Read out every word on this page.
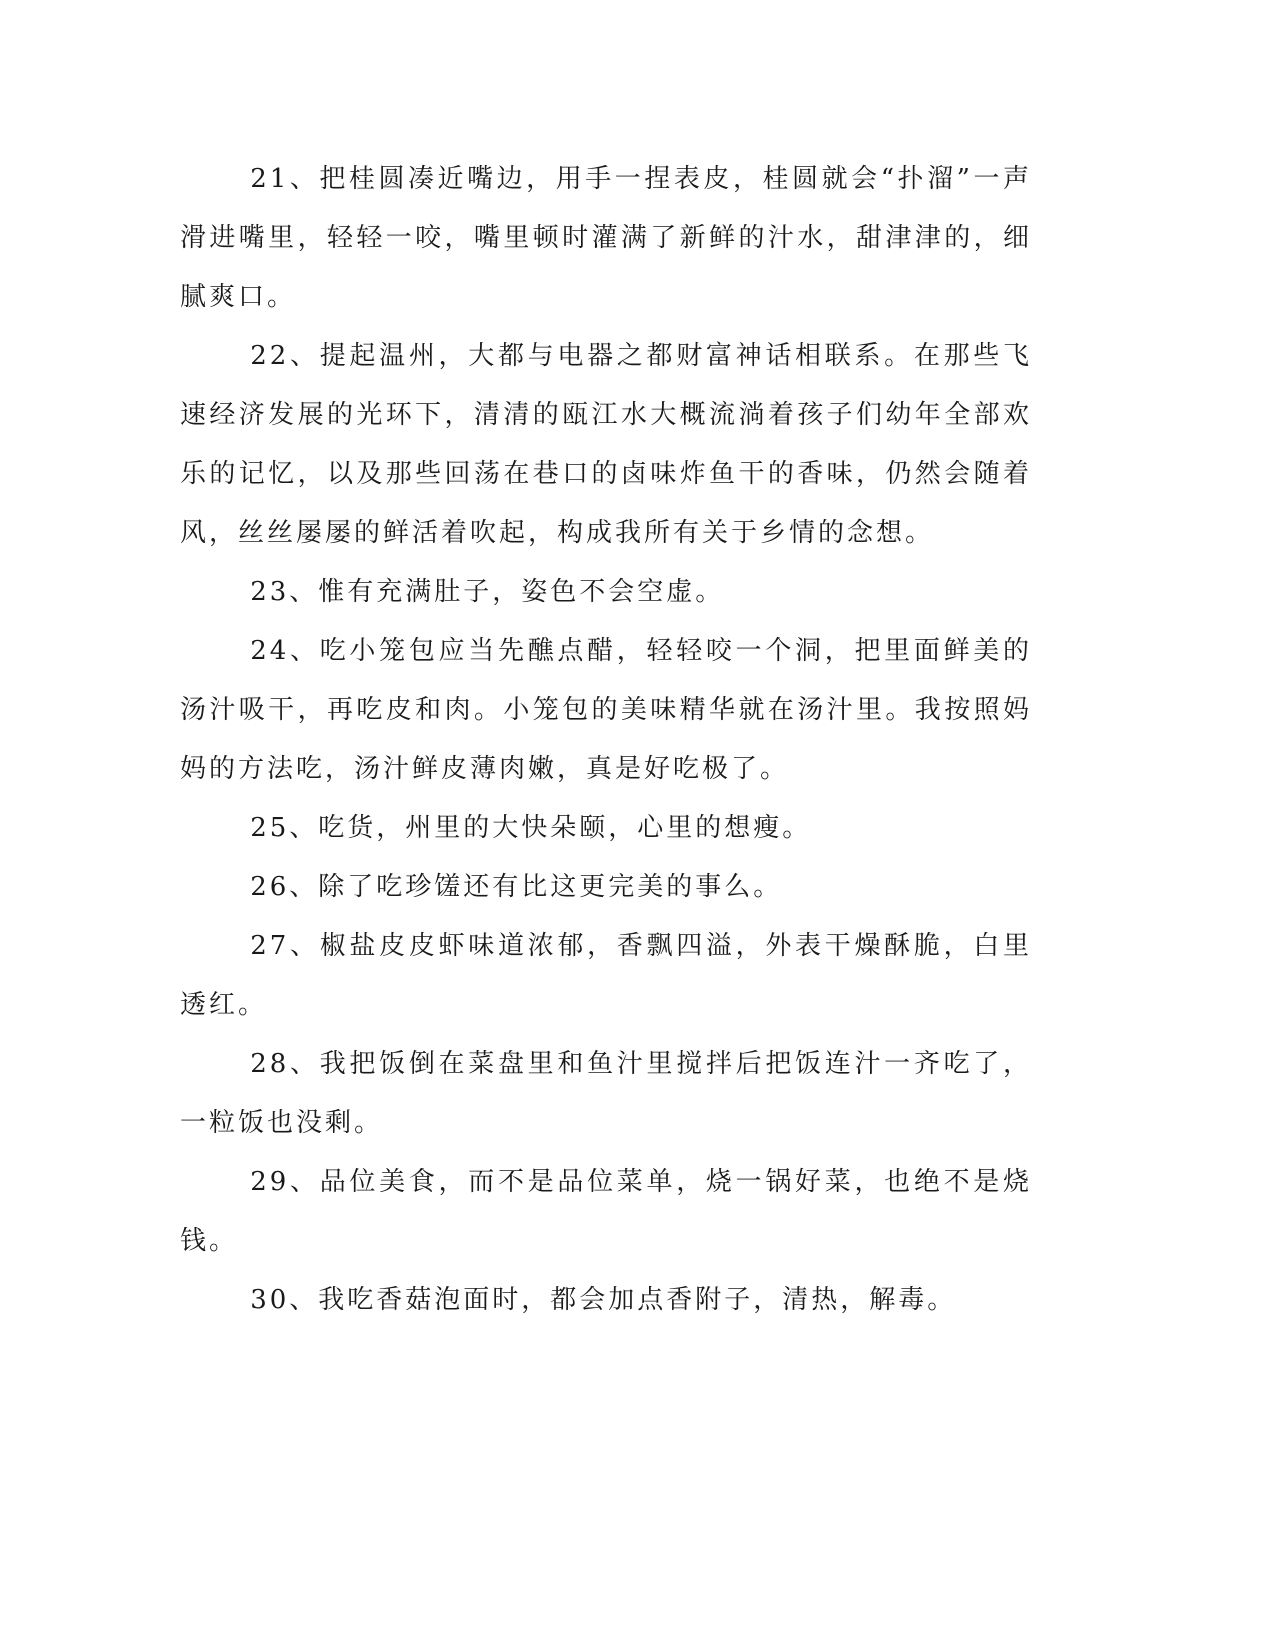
21、把桂圆凑近嘴边，用手一捏表皮，桂圆就会“扑溜”一声滑进嘴里，轻轻一咬，嘴里顿时灌满了新鲜的汁水，甜津津的，细腻爽口。

22、提起温州，大都与电器之都财富神话相联系。在那些飞速经济发展的光环下，清清的瓯江水大概流淌着孩子们幼年全部欢乐的记忆，以及那些回荡在巷口的卤味炸鱼干的香味，仍然会随着风，丝丝屡屡的鲜活着吹起，构成我所有关于乡情的念想。

23、惟有充满肚子，姿色不会空虚。

24、吃小笼包应当先醮点醋，轻轻咬一个洞，把里面鲜美的汤汁吸干，再吃皮和肉。小笼包的美味精华就在汤汁里。我按照妈妈的方法吃，汤汁鲜皮薄肉嫩，真是好吃极了。

25、吃货，州里的大快朵颐，心里的想瘦。

26、除了吃珍馐还有比这更完美的事么。

27、椒盐皮皮虾味道浓郁，香飘四溢，外表干燥酥脆，白里透红。

28、我把饭倒在菜盘里和鱼汁里搅拌后把饭连汁一齐吃了，一粒饭也没剩。

29、品位美食，而不是品位菜单，烧一锅好菜，也绝不是烧钱。

30、我吃香菇泡面时，都会加点香附子，清热，解毒。
